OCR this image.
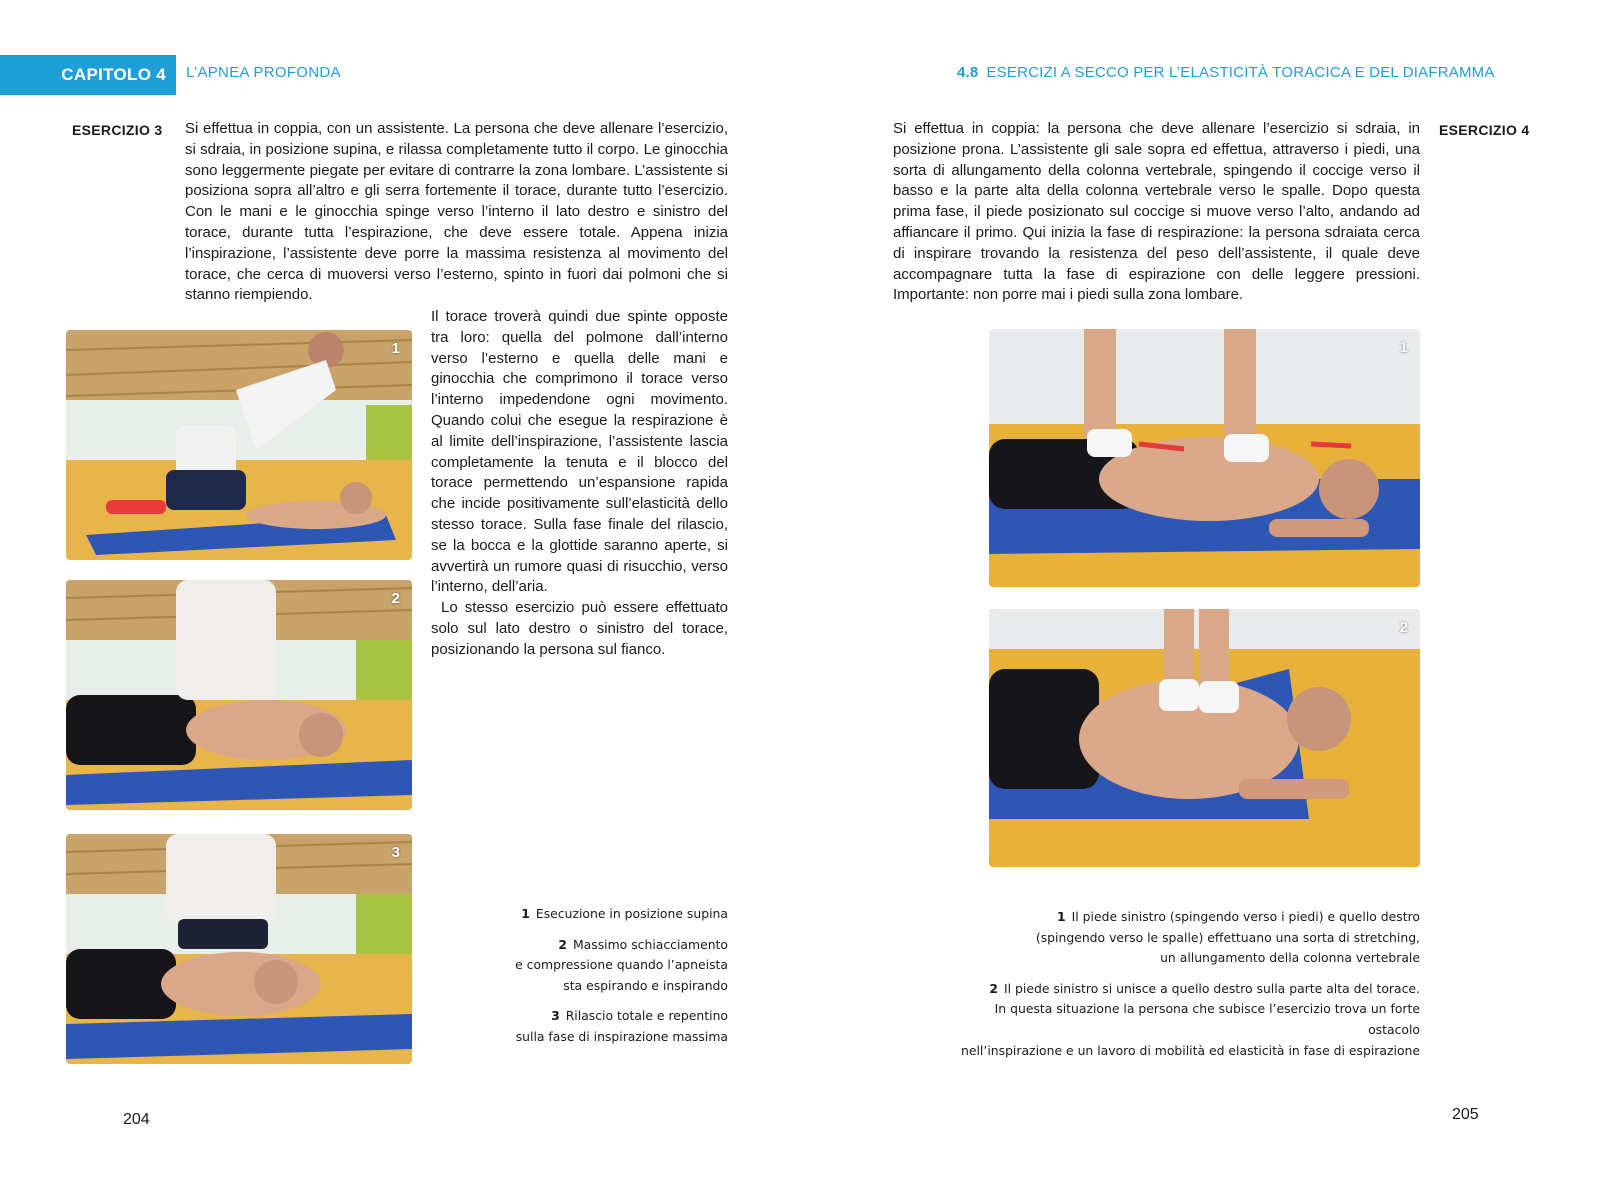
CAPITOLO 4	L’APNEA PROFONDA	4.8 ESERCIZI A SECCO PER L’ELASTICITÀ TORACICA E DEL DIAFRAMMA
ESERCIZIO 3 Si effettua in coppia, con un assistente. La persona che deve allenare l’esercizio, si sdraia, in posizione supina, e rilassa completamente tutto il corpo. Le ginocchia sono leggermente piegate per evitare di contrarre la zona lombare. L’assistente si posiziona sopra all’altro e gli serra fortemente il torace, durante tutto l’esercizio. Con le mani e le ginocchia spinge verso l’interno il lato destro e sinistro del torace, durante tutta l’espirazione, che deve essere totale. Appena inizia l’inspirazione, l’assistente deve porre la massima resistenza al movimento del torace, che cerca di muoversi verso l’esterno, spinto in fuori dai polmoni che si stanno riempiendo.

Il torace troverà quindi due spinte opposte tra loro: quella del polmone dall’interno verso l’esterno e quella delle mani e ginocchia che comprimono il torace verso l’interno impedendone ogni movimento. Quando colui che esegue la respirazione è al limite dell’inspirazione, l’assistente lascia completamente la tenuta e il blocco del torace permettendo un’espansione rapida che incide positivamente sull’elasticità dello stesso torace. Sulla fase finale del rilascio, se la bocca e la glottide saranno aperte, si avvertirà un rumore quasi di risucchio, verso l’interno, dell’aria.

Lo stesso esercizio può essere effettuato solo sul lato destro o sinistro del torace, posizionando la persona sul fianco.

1
2
3
1 Esecuzione in posizione supina
2 Massimo schiacciamento
e compressione quando l’apneista
sta espirando e inspirando
3 Rilascio totale e repentino
sulla fase di inspirazione massima
204

Si effettua in coppia: la persona che deve allenare l’esercizio si sdraia, in posizione prona. L’assistente gli sale sopra ed effettua, attraverso i piedi, una sorta di allungamento della colonna vertebrale, spingendo il coccige verso il basso e la parte alta della colonna vertebrale verso le spalle. Dopo questa prima fase, il piede posizionato sul coccige si muove verso l’alto, andando ad affiancare il primo. Qui inizia la fase di respirazione: la persona sdraiata cerca di inspirare trovando la resistenza del peso dell’assistente, il quale deve accompagnare tutta la fase di espirazione con delle leggere pressioni. Importante: non porre mai i piedi sulla zona lombare.

ESERCIZIO 4
1
2
1 Il piede sinistro (spingendo verso i piedi) e quello destro
(spingendo verso le spalle) effettuano una sorta di stretching,
un allungamento della colonna vertebrale
2 Il piede sinistro si unisce a quello destro sulla parte alta del torace.
In questa situazione la persona che subisce l’esercizio trova un forte ostacolo
nell’inspirazione e un lavoro di mobilità ed elasticità in fase di espirazione
205
